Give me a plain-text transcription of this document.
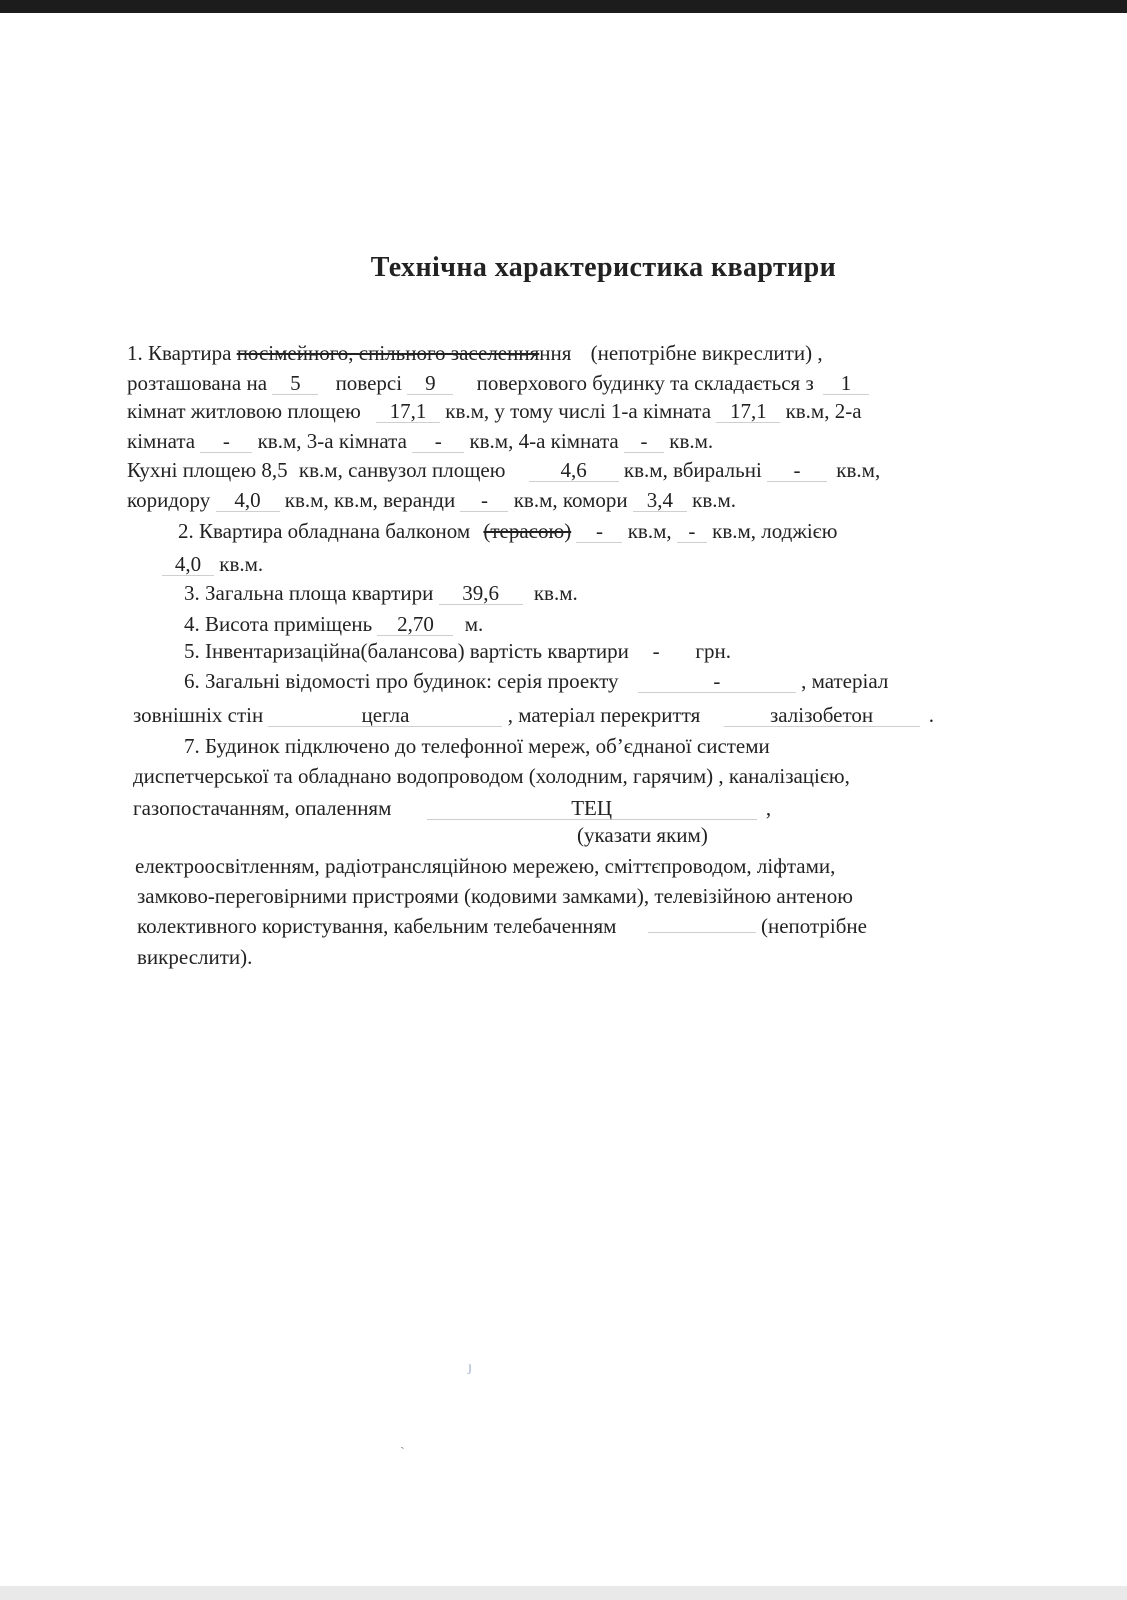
Технічна характеристика квартири
1. Квартира посімейного, спільного заселенняння (непотрібне викреслити) ,
розташована на 5 поверсі 9 поверхового будинку та складається з 1
кімнат житловою площею 17,1 кв.м, у тому числі 1-а кімната 17,1 кв.м, 2-а
кімната - кв.м, 3-а кімната - кв.м, 4-а кімната - кв.м.
Кухні площею 8,5 кв.м, санвузол площею	4,6 кв.м, вбиральні - кв.м,
коридору 4,0 кв.м, кв.м, веранди - кв.м, комори 3,4 кв.м.
2. Квартира обладнана балконом (терасою) - кв.м, - кв.м, лоджією
4,0 кв.м.
3. Загальна площа квартири 39,6 кв.м.
4. Висота приміщень 2,70 м.
5. Інвентаризаційна(балансова) вартість квартири - грн.
6. Загальні відомості про будинок: серія проекту	-	, матеріал
зовнішніх стін	цегла	, матеріал перекриття	залізобетон	.
7. Будинок підключено до телефонної мереж, об’єднаної системи
диспетчерської та обладнано водопроводом (холодним, гарячим) , каналізацією,
газопостачанням, опаленням	ТЕЦ	,
(указати яким)
електроосвітленням, радіотрансляційною мережею, сміттєпроводом, ліфтами,
замково-переговірними пристроями (кодовими замками), телевізійною антеною
колективного користування, кабельним телебаченням	(непотрібне
викреслити).
ȷ
ˏ
